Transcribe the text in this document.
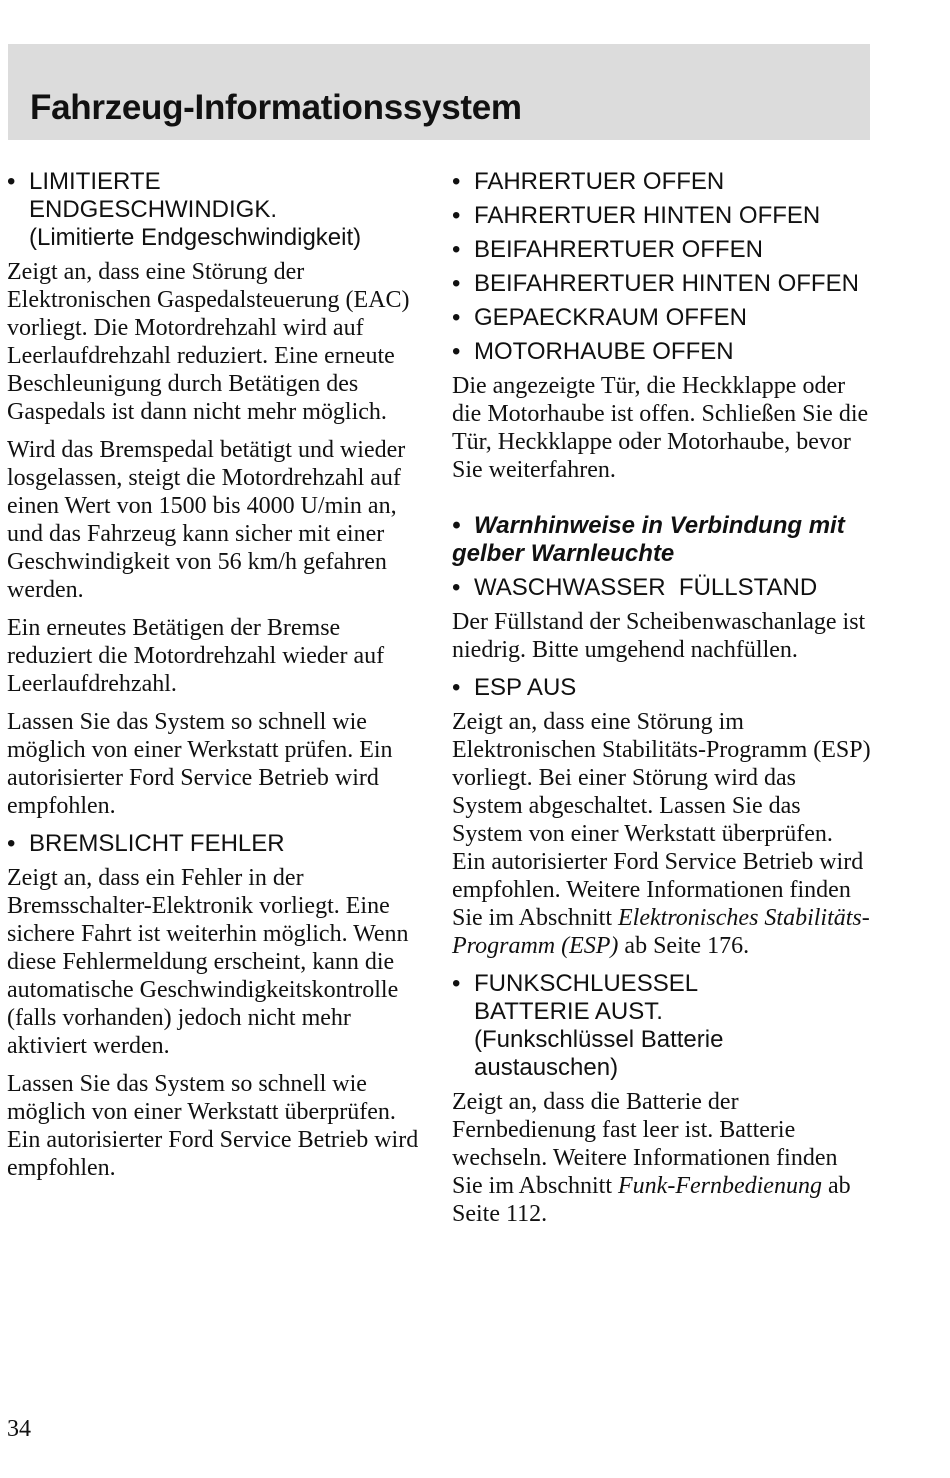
Fahrzeug-Informationssystem
• LIMITIERTE
ENDGESCHWINDIGK.
(Limitierte Endgeschwindigkeit)

Zeigt an, dass eine Störung der Elektronischen Gaspedalsteuerung (EAC) vorliegt. Die Motordrehzahl wird auf Leerlaufdrehzahl reduziert. Eine erneute Beschleunigung durch Betätigen des Gaspedals ist dann nicht mehr möglich.

Wird das Bremspedal betätigt und wieder losgelassen, steigt die Motordrehzahl auf einen Wert von 1500 bis 4000 U/min an, und das Fahrzeug kann sicher mit einer Geschwindigkeit von 56 km/h gefahren werden.

Ein erneutes Betätigen der Bremse reduziert die Motordrehzahl wieder auf Leerlaufdrehzahl.

Lassen Sie das System so schnell wie möglich von einer Werkstatt prüfen. Ein autorisierter Ford Service Betrieb wird empfohlen.

• BREMSLICHT FEHLER

Zeigt an, dass ein Fehler in der Bremsschalter-Elektronik vorliegt. Eine sichere Fahrt ist weiterhin möglich. Wenn diese Fehlermeldung erscheint, kann die automatische Geschwindigkeitskontrolle (falls vorhanden) jedoch nicht mehr aktiviert werden.

Lassen Sie das System so schnell wie möglich von einer Werkstatt überprüfen. Ein autorisierter Ford Service Betrieb wird empfohlen.

• FAHRERTUER OFFEN
• FAHRERTUER HINTEN OFFEN
• BEIFAHRERTUER OFFEN
• BEIFAHRERTUER HINTEN OFFEN
• GEPAECKRAUM OFFEN
• MOTORHAUBE OFFEN

Die angezeigte Tür, die Heckklappe oder die Motorhaube ist offen. Schließen Sie die Tür, Heckklappe oder Motorhaube, bevor Sie weiterfahren.

• Warnhinweise in Verbindung mit gelber Warnleuchte
• WASCHWASSER  FÜLLSTAND

Der Füllstand der Scheibenwaschanlage ist niedrig. Bitte umgehend nachfüllen.

• ESP AUS

Zeigt an, dass eine Störung im Elektronischen Stabilitäts-Programm (ESP) vorliegt. Bei einer Störung wird das System abgeschaltet. Lassen Sie das System von einer Werkstatt überprüfen. Ein autorisierter Ford Service Betrieb wird empfohlen. Weitere Informationen finden Sie im Abschnitt Elektronisches Stabilitäts-Programm (ESP) ab Seite 176.

• FUNKSCHLUESSEL
BATTERIE AUST.
(Funkschlüssel Batterie austauschen)

Zeigt an, dass die Batterie der Fernbedienung fast leer ist. Batterie wechseln. Weitere Informationen finden Sie im Abschnitt Funk-Fernbedienung ab Seite 112.

34
